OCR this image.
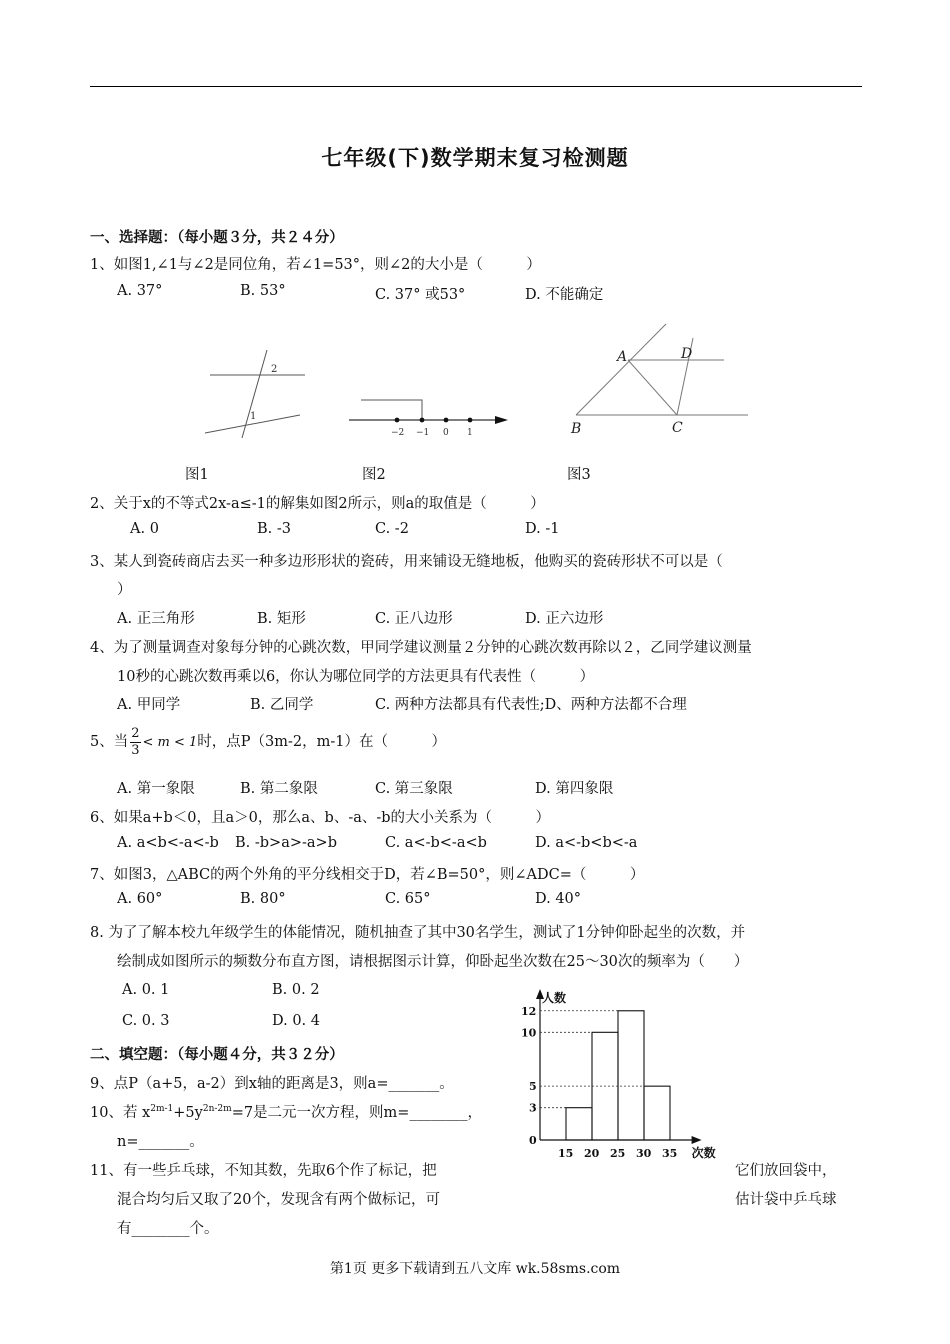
七年级(下)数学期末复习检测题
一、选择题：（每小题３分，共２４分）
1、如图1,∠1与∠2是同位角，若∠1=53°，则∠2的大小是（　　　）
A. 37°	B. 53°	C. 37° 或53°	D. 不能确定
2
1
−2 −1 0 1
A	D
B	C
图1	图2	图3
2、关于x的不等式2x-a≤-1的解集如图2所示，则a的取值是（　　　）
A. 0	B. -3	C. -2	D. -1
3、某人到瓷砖商店去买一种多边形形状的瓷砖，用来铺设无缝地板，他购买的瓷砖形状不可以是（
）
A. 正三角形	B. 矩形	C. 正八边形	D. 正六边形
4、为了测量调查对象每分钟的心跳次数，甲同学建议测量２分钟的心跳次数再除以２，乙同学建议测量
10秒的心跳次数再乘以6，你认为哪位同学的方法更具有代表性（　　　）
A. 甲同学	B. 乙同学	C. 两种方法都具有代表性;D、两种方法都不合理
5、当 $\frac{2}{3} < m < 1$时，点P（3m-2，m-1）在（　　　）
A. 第一象限	B. 第二象限	C. 第三象限	D. 第四象限
6、如果a+b＜0，且a＞0，那么a、b、-a、-b的大小关系为（　　　）
A. a<b<-a<-b B. -b>a>-a>b	C. a<-b<-a<b	D. a<-b<b<-a
7、如图3，△ABC的两个外角的平分线相交于D，若∠B=50°，则∠ADC=（　　　）
A. 60°	B. 80°	C. 65°	D. 40°
8. 为了了解本校九年级学生的体能情况，随机抽查了其中30名学生，测试了1分钟仰卧起坐的次数，并
绘制成如图所示的频数分布直方图，请根据图示计算，仰卧起坐次数在25～30次的频率为（　　）
A. 0. 1	B. 0. 2
C. 0. 3	D. 0. 4
人数
次数
0
3
5
10
12
15 20 25 30 35
二、填空题：（每小题４分，共３２分）
9、点P（a+5，a-2）到x轴的距离是3，则a=_______。
10、若 $x^{2m-1}+5y^{2n-2m}=7$是二元一次方程，则m=________，
n=_______。
11、有一些乒乓球，不知其数，先取6个作了标记，把	它们放回袋中，
混合均匀后又取了20个，发现含有两个做标记，可	估计袋中乒乓球
有________个。
第1页 更多下载请到五八文库 wk.58sms.com
